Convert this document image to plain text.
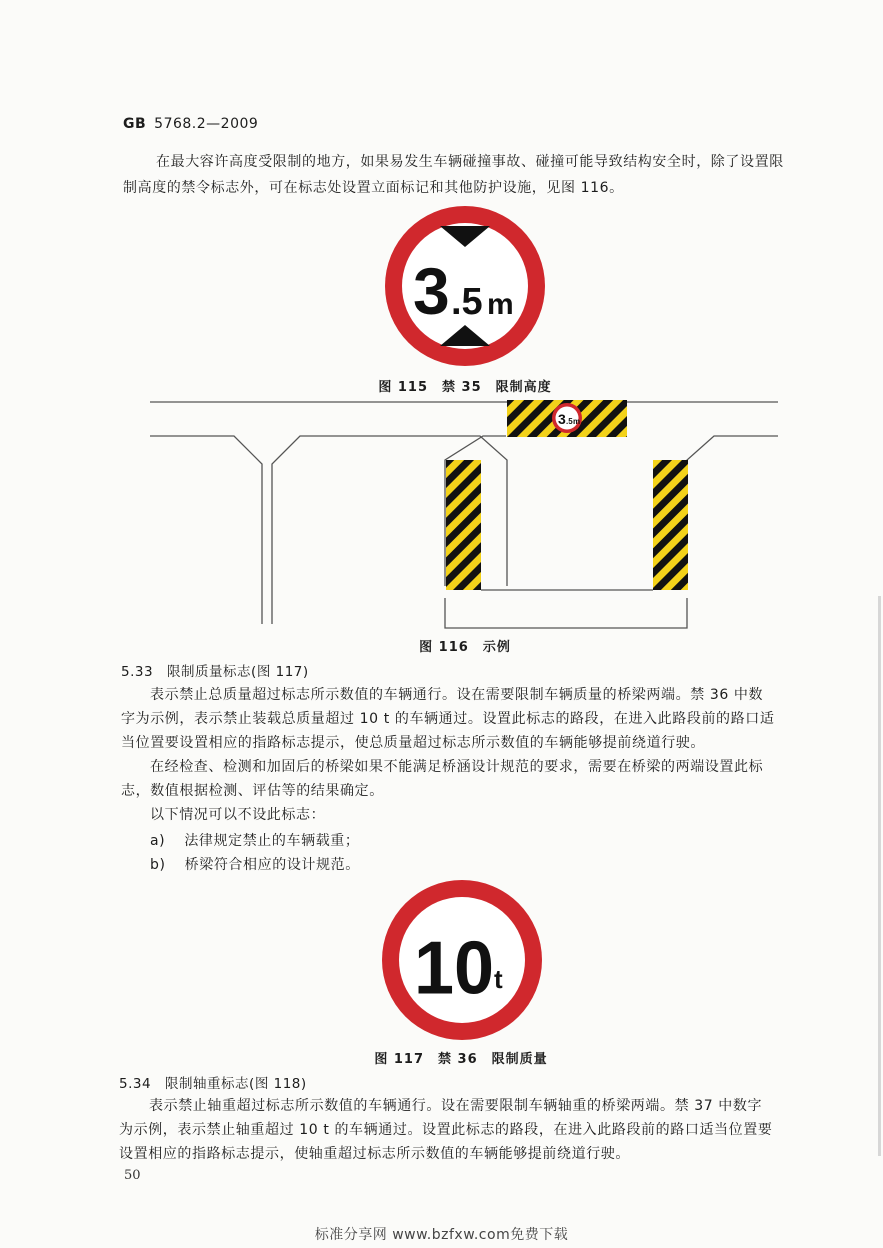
GB 5768.2—2009
在最大容许高度受限制的地方，如果易发生车辆碰撞事故、碰撞可能导致结构安全时，除了设置限
制高度的禁令标志外，可在标志处设置立面标记和其他防护设施，见图 116。
3 .5 m
图 115　禁 35　限制高度
3 .5 m
图 116　示例
5.33　限制质量标志(图 117)
表示禁止总质量超过标志所示数值的车辆通行。设在需要限制车辆质量的桥梁两端。禁 36 中数
字为示例，表示禁止装载总质量超过 10 t 的车辆通过。设置此标志的路段，在进入此路段前的路口适
当位置要设置相应的指路标志提示，使总质量超过标志所示数值的车辆能够提前绕道行驶。
在经检查、检测和加固后的桥梁如果不能满足桥涵设计规范的要求，需要在桥梁的两端设置此标
志，数值根据检测、评估等的结果确定。
以下情况可以不设此标志：
a) 法律规定禁止的车辆载重；
b) 桥梁符合相应的设计规范。
10 t
图 117　禁 36　限制质量
5.34　限制轴重标志(图 118)
表示禁止轴重超过标志所示数值的车辆通行。设在需要限制车辆轴重的桥梁两端。禁 37 中数字
为示例，表示禁止轴重超过 10 t 的车辆通过。设置此标志的路段，在进入此路段前的路口适当位置要
设置相应的指路标志提示，使轴重超过标志所示数值的车辆能够提前绕道行驶。
50
标准分享网 www.bzfxw.com免费下载
